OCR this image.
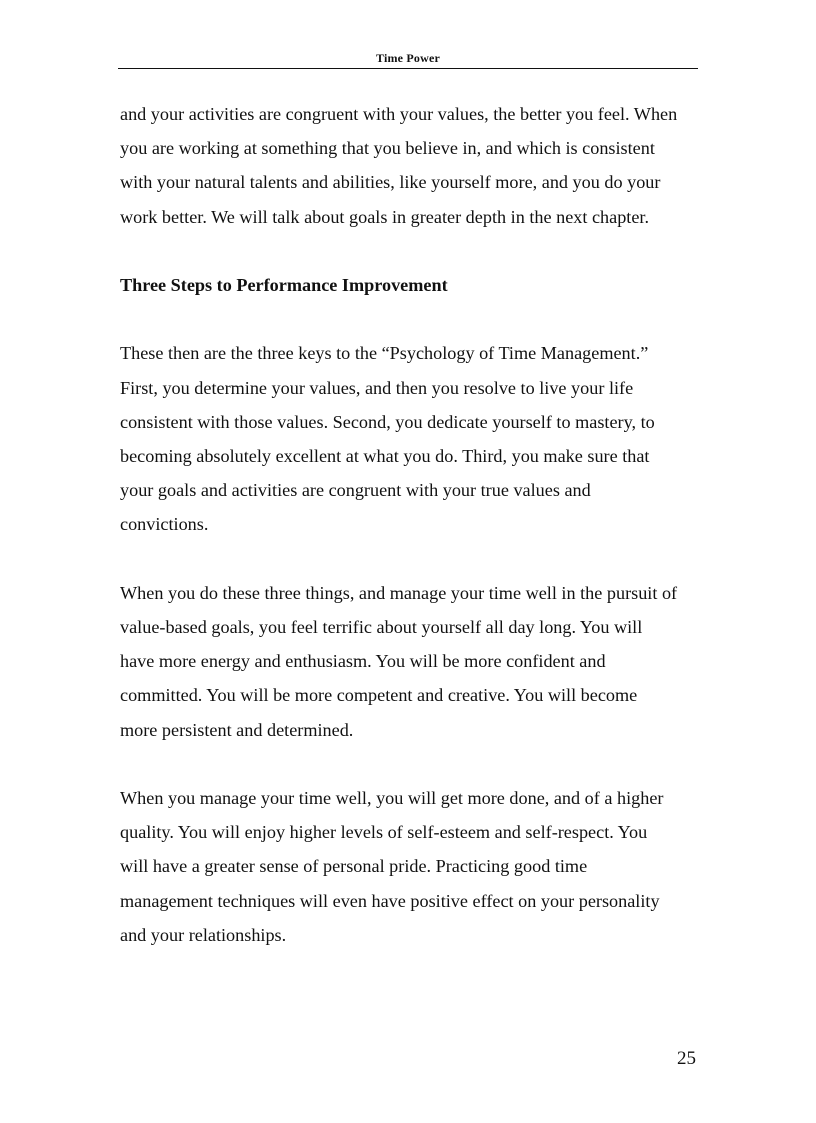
Time Power

and your activities are congruent with your values, the better you feel. When
you are working at something that you believe in, and which is consistent
with your natural talents and abilities, like yourself more, and you do your
work better. We will talk about goals in greater depth in the next chapter.

Three Steps to Performance Improvement

These then are the three keys to the “Psychology of Time Management.”
First, you determine your values, and then you resolve to live your life
consistent with those values. Second, you dedicate yourself to mastery, to
becoming absolutely excellent at what you do. Third, you make sure that
your goals and activities are congruent with your true values and
convictions.

When you do these three things, and manage your time well in the pursuit of
value-based goals, you feel terrific about yourself all day long. You will
have more energy and enthusiasm. You will be more confident and
committed. You will be more competent and creative. You will become
more persistent and determined.

When you manage your time well, you will get more done, and of a higher
quality. You will enjoy higher levels of self-esteem and self-respect. You
will have a greater sense of personal pride. Practicing good time
management techniques will even have positive effect on your personality
and your relationships.

25
